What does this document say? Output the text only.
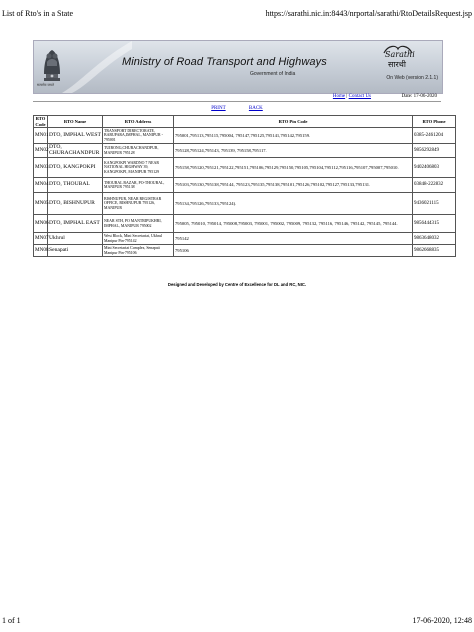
List of Rto's in a State	https://sarathi.nic.in:8443/nrportal/sarathi/RtoDetailsRequest.jsp
सत्यमेव जयते
Ministry of Road Transport and Highways
Government of India
Sarathi
सारथी
On Web (version 2.1.1)
Home | Contact Us	Date: 17-06-2020
PRINT	BACK
RTO Code	RTO Name	RTO Address	RTO Pin Code	RTO Phone
MN01	DTO, IMPHAL WEST	TRANSPORT DIRECTORATE, BABUPARA,IMPHAL, MANIPUR - 795001	795001,795113,795115,795004, 795147,795125,795141,795142,795159.	0385-2461204
MN02	DTO, CHURACHANDPUR	TUIBONG,CHURACHANDPUR, MANIPUR 795128	795128,795124,795143, 795139, 795158,795117.	9856292849
MN03	DTO, KANGPOKPI	KANGPOKPI WARDNO 7 NEAR NATIONAL HIGHWAY 39, KANGPOKPI, MANIPUR 795129	795158,795120,795121,795122,795151,795106,795129,795150,795105,795104,795112,795116,795107,795007,795010.	9402406803
MN04	DTO, THOUBAL	THOUBAL BAZAR, PO-THOUBAL, MANIPUR 795138	795103,795130,795138,795144, 795123,795135,795138,795101,795126,795102,795127,795133,795131.	03848-222832
MN05	DTO, BISHNUPUR	BISHNUPUR, NEAR REGISTRAR OFFICE, BISHNUPUR 795126, MANIPUR	795134,795126,795133,795124).	9436021115
MN06	DTO, IMPHAL EAST	NEAR STH, PO MANTRIPUKHRI, IMPHAL, MANIPUR 795002	795005, 795010, 795014, 795008,795003, 795001, 795002, 795009, 795132, 795116, 795146, 795142, 795145, 795144.	9856444315
MN07	Ukhrul	West Block, Mini Secretariat, Ukhrul Manipur Pin-795142	795142	9863648032
MN08	Senapati	Mini Secretariat Complex, Senapati Manipur Pin-795106	795106	9862668835
Designed and Developed by Centre of Excellence for DL and RC, NIC.
1 of 1	17-06-2020, 12:48
